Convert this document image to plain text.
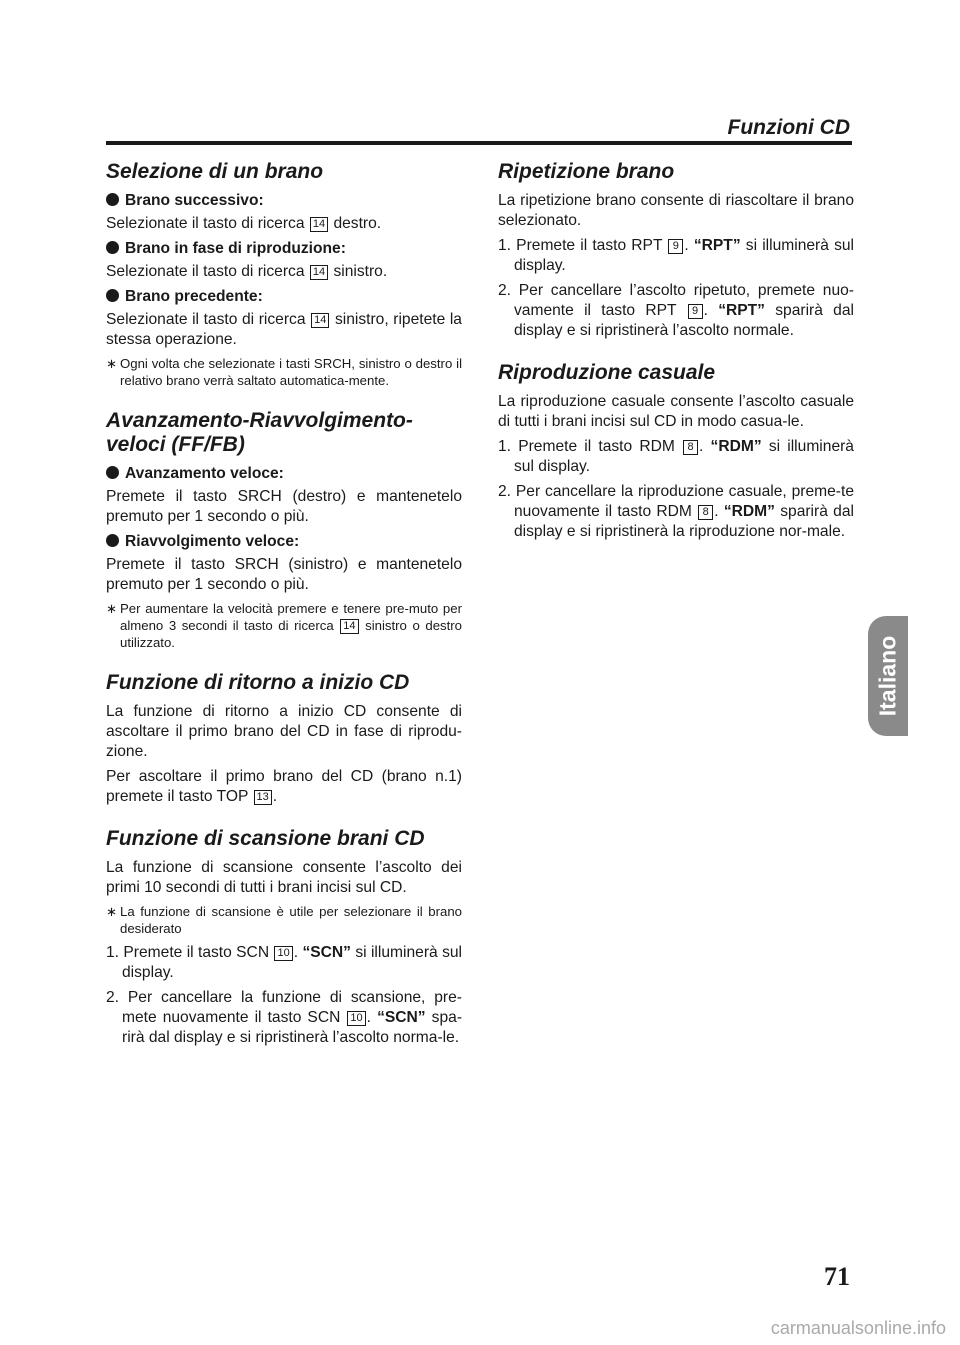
Funzioni CD
Italiano
Selezione di un brano
Brano successivo:

Selezionate il tasto di ricerca 14 destro.

Brano in fase di riproduzione:

Selezionate il tasto di ricerca 14 sinistro.

Brano precedente:

Selezionate il tasto di ricerca 14 sinistro, ripetete la stessa operazione.

∗ Ogni volta che selezionate i tasti SRCH, sinistro o destro il relativo brano verrà saltato automatica-mente.

Avanzamento-Riavvolgimento-veloci (FF/FB)
Avanzamento veloce:

Premete il tasto SRCH (destro) e mantenetelo premuto per 1 secondo o più.

Riavvolgimento veloce:

Premete il tasto SRCH (sinistro) e mantenetelo premuto per 1 secondo o più.

∗ Per aumentare la velocità premere e tenere pre-muto per almeno 3 secondi il tasto di ricerca 14 sinistro o destro utilizzato.

Funzione di ritorno a inizio CD

La funzione di ritorno a inizio CD consente di ascoltare il primo brano del CD in fase di riprodu-zione.

Per ascoltare il primo brano del CD (brano n.1) premete il tasto TOP 13 .

Funzione di scansione brani CD

La funzione di scansione consente l’ascolto dei primi 10 secondi di tutti i brani incisi sul CD.

∗ La funzione di scansione è utile per selezionare il brano desiderato

1. Premete il tasto SCN 10 . “SCN” si illuminerà sul display.

2. Per cancellare la funzione di scansione, pre-mete nuovamente il tasto SCN 10 . “SCN” spa-rirà dal display e si ripristinerà l’ascolto norma-le.

Ripetizione brano

La ripetizione brano consente di riascoltare il brano selezionato.

1. Premete il tasto RPT 9 . “RPT” si illuminerà sul display.

2. Per cancellare l’ascolto ripetuto, premete nuo-vamente il tasto RPT 9 . “RPT” sparirà dal display e si ripristinerà l’ascolto normale.

Riproduzione casuale

La riproduzione casuale consente l’ascolto casuale di tutti i brani incisi sul CD in modo casua-le.

1. Premete il tasto RDM 8 . “RDM” si illuminerà sul display.

2. Per cancellare la riproduzione casuale, preme-te nuovamente il tasto RDM 8 . “RDM” sparirà dal display e si ripristinerà la riproduzione nor-male.

71
carmanualsonline.info
